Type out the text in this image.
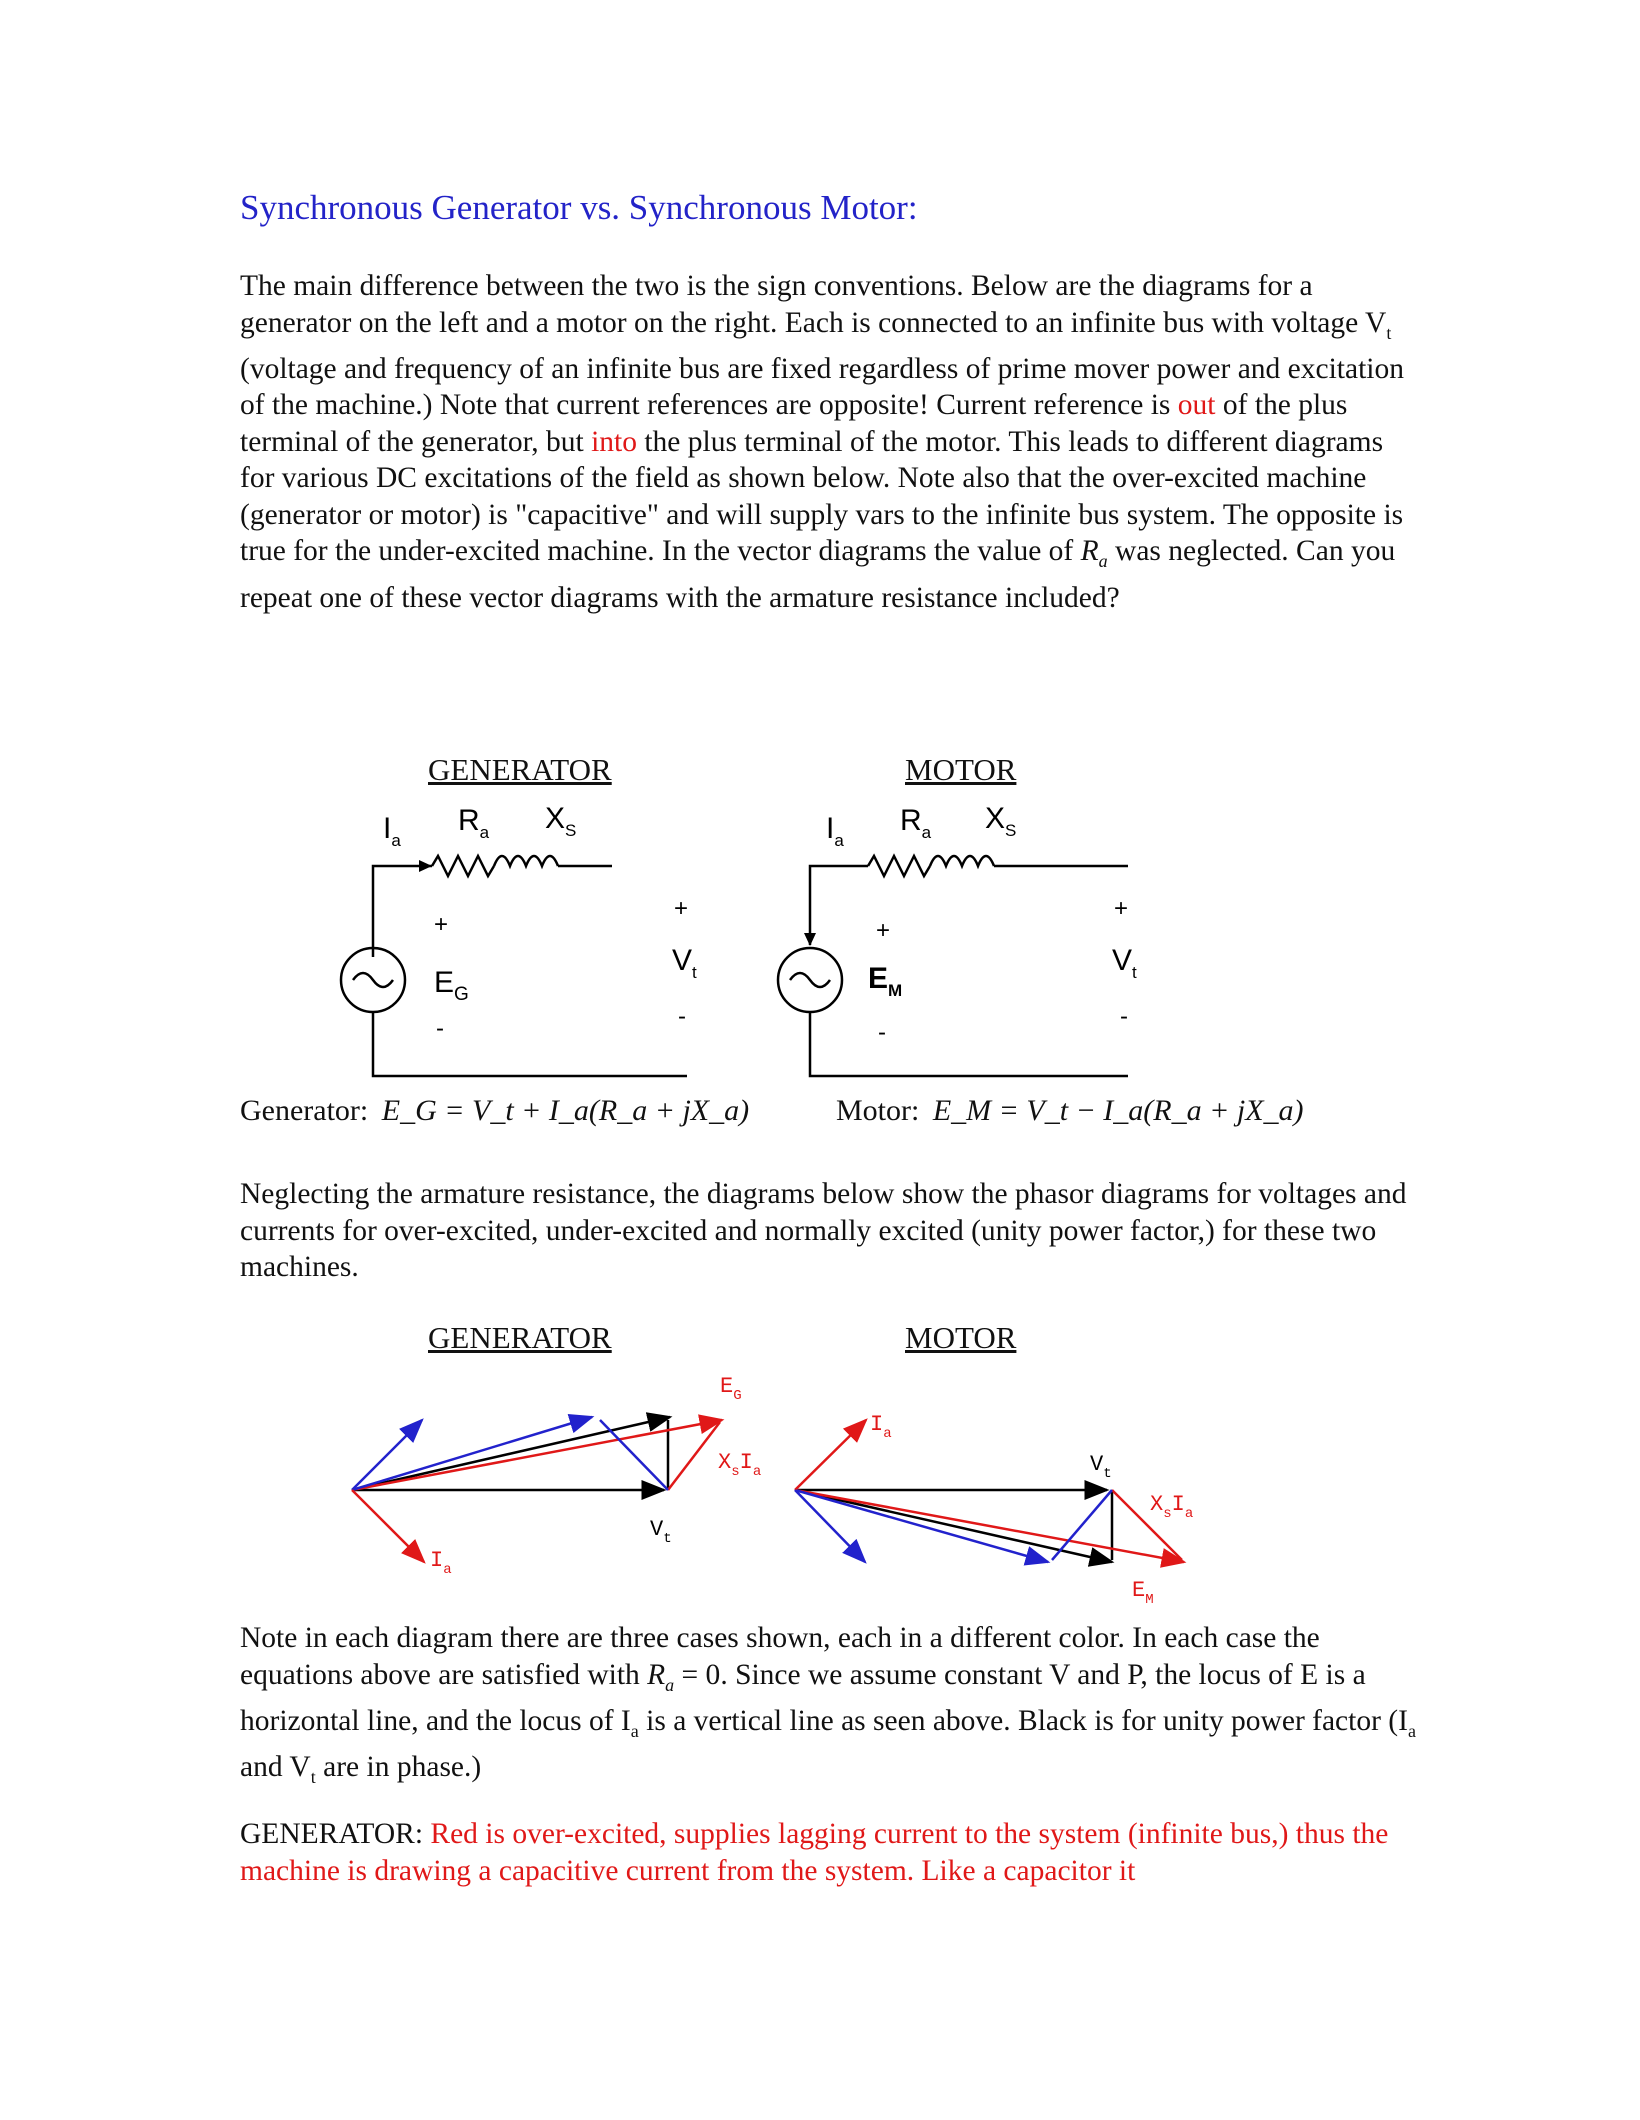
Synchronous Generator vs. Synchronous Motor:

The main difference between the two is the sign conventions. Below are the diagrams for a generator on the left and a motor on the right. Each is connected to an infinite bus with voltage $V_t$ (voltage and frequency of an infinite bus are fixed regardless of prime mover power and excitation of the machine.) Note that current references are opposite! Current reference is out of the plus terminal of the generator, but into the plus terminal of the motor. This leads to different diagrams for various DC excitations of the field as shown below. Note also that the over-excited machine (generator or motor) is "capacitive" and will supply vars to the infinite bus system. The opposite is true for the under-excited machine. In the vector diagrams the value of $R_a$ was neglected. Can you repeat one of these vector diagrams with the armature resistance included?

GENERATOR	MOTOR
$I_a$
$R_a$ $X_S$
+
$E_G$
-
+
$V_t$
-
$I_a$
$R_a$ $X_S$
+
$E_M$
-
+
$V_t$
-
Generator: E_G = V_t + I_a(R_a + jX_a)	Motor: E_M = V_t − I_a(R_a + jX_a)

Neglecting the armature resistance, the diagrams below show the phasor diagrams for voltages and currents for over-excited, under-excited and normally excited (unity power factor,) for these two machines.

GENERATOR	MOTOR
$E_G$
$X_sI_a$
$V_t$
$I_a$
$I_a$
$V_t$
$X_sI_a$
$E_M$

Note in each diagram there are three cases shown, each in a different color. In each case the equations above are satisfied with $R_a = 0$. Since we assume constant V and P, the locus of E is a horizontal line, and the locus of $I_a$ is a vertical line as seen above. Black is for unity power factor ($I_a$ and $V_t$ are in phase.)

GENERATOR: Red is over-excited, supplies lagging current to the system (infinite bus,) thus the machine is drawing a capacitive current from the system. Like a capacitor it
